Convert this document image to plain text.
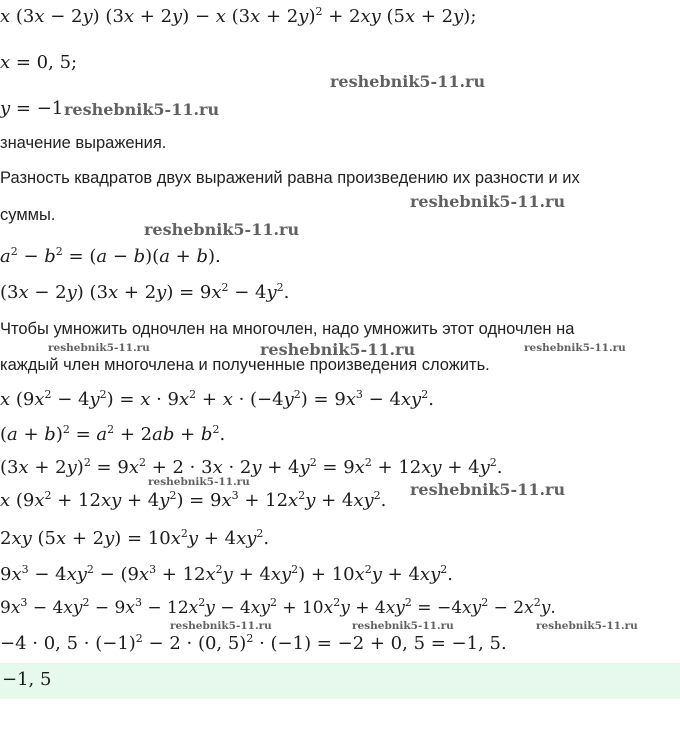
x (3x − 2y) (3x + 2y) − x $(3x + 2y)^2 + 2xy$ (5x + 2y);
x = 0, 5;
y = −1
значение выражения.
Разность квадратов двух выражений равна произведению их разности и их
суммы.
$a^2 - b^2 = (a - b)(a + b)$.
(3x − 2y) $(3x + 2y) = 9x^2 - 4y^2$.
Чтобы умножить одночлен на многочлен, надо умножить этот одночлен на
каждый член многочлена и полученные произведения сложить.
x $(9x^2 - 4y^2) = x \cdot 9x^2 + x \cdot (-4y^2) = 9x^3 - 4xy^2$.
$(a + b)^2 = a^2 + 2ab + b^2$.
$(3x + 2y)^2 = 9x^2 + 2 \cdot 3x \cdot 2y + 4y^2 = 9x^2 + 12xy + 4y^2$.
x $(9x^2 + 12xy + 4y^2) = 9x^3 + 12x^2y + 4xy^2$.
2xy $(5x + 2y) = 10x^2y + 4xy^2$.
$9x^3 - 4xy^2 - (9x^3 + 12x^2y + 4xy^2) + 10x^2y + 4xy^2$.
$9x^3 - 4xy^2 - 9x^3 - 12x^2y - 4xy^2 + 10x^2y + 4xy^2 = -4xy^2 - 2x^2y$.
−4 · 0, $5 \cdot (-1)^2 - 2 \cdot (0$, 5)$^2$ · (−1) = −2 + 0, 5 = −1, 5.
−1, 5
reshebnik5-11.ru
reshebnik5-11.ru
reshebnik5-11.ru
reshebnik5-11.ru
reshebnik5-11.ru	reshebnik5-11.ru	reshebnik5-11.ru
reshebnik5-11.ru	reshebnik5-11.ru
reshebnik5-11.ru	reshebnik5-11.ru	reshebnik5-11.ru
